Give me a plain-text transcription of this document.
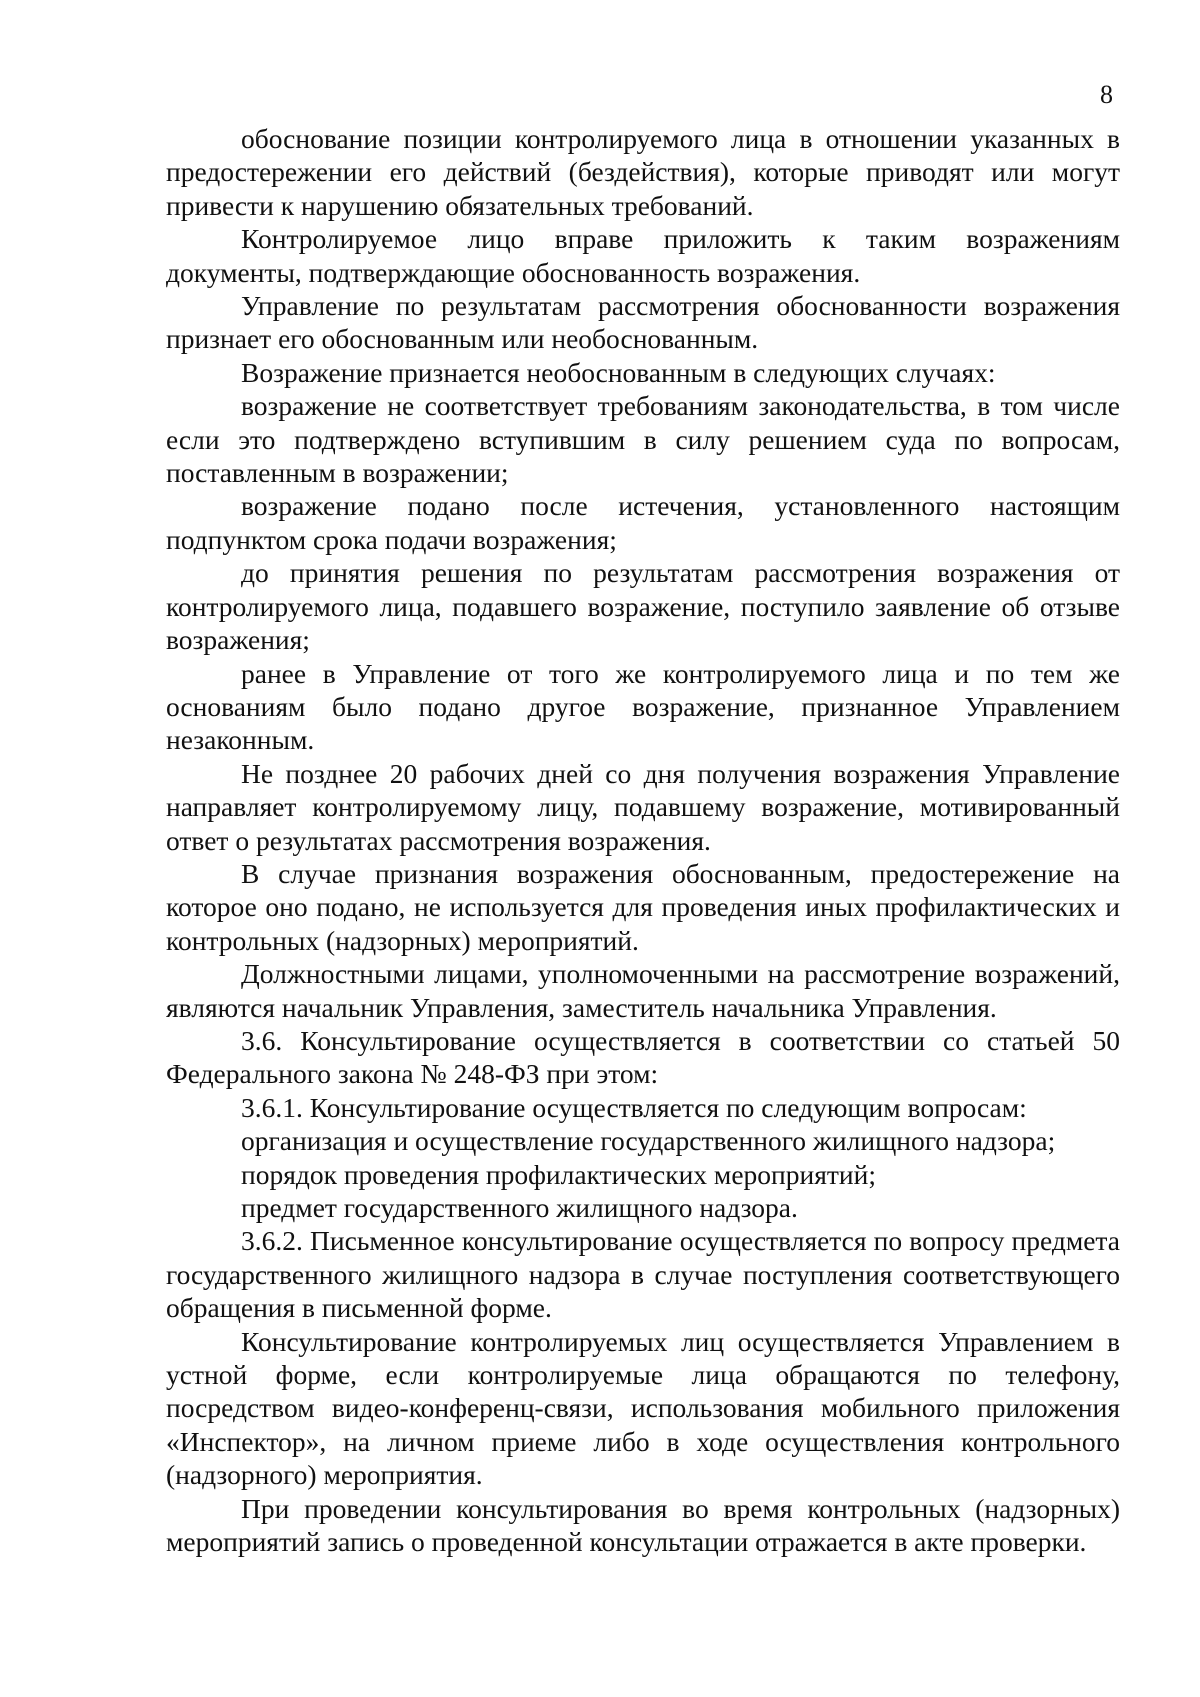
8

обоснование позиции контролируемого лица в отношении указанных в предостережении его действий (бездействия), которые приводят или могут привести к нарушению обязательных требований.

Контролируемое лицо вправе приложить к таким возражениям документы, подтверждающие обоснованность возражения.

Управление по результатам рассмотрения обоснованности возражения признает его обоснованным или необоснованным.

Возражение признается необоснованным в следующих случаях:

возражение не соответствует требованиям законодательства, в том числе если это подтверждено вступившим в силу решением суда по вопросам, поставленным в возражении;

возражение подано после истечения, установленного настоящим подпунктом срока подачи возражения;

до принятия решения по результатам рассмотрения возражения от контролируемого лица, подавшего возражение, поступило заявление об отзыве возражения;

ранее в Управление от того же контролируемого лица и по тем же основаниям было подано другое возражение, признанное Управлением незаконным.

Не позднее 20 рабочих дней со дня получения возражения Управление направляет контролируемому лицу, подавшему возражение, мотивированный ответ о результатах рассмотрения возражения.

В случае признания возражения обоснованным, предостережение на которое оно подано, не используется для проведения иных профилактических и контрольных (надзорных) мероприятий.

Должностными лицами, уполномоченными на рассмотрение возражений, являются начальник Управления, заместитель начальника Управления.

3.6. Консультирование осуществляется в соответствии со статьей 50 Федерального закона № 248-ФЗ при этом:

3.6.1. Консультирование осуществляется по следующим вопросам:

организация и осуществление государственного жилищного надзора;

порядок проведения профилактических мероприятий;

предмет государственного жилищного надзора.

3.6.2. Письменное консультирование осуществляется по вопросу предмета государственного жилищного надзора в случае поступления соответствующего обращения в письменной форме.

Консультирование контролируемых лиц осуществляется Управлением в устной форме, если контролируемые лица обращаются по телефону, посредством видео-конференц-связи, использования мобильного приложения «Инспектор», на личном приеме либо в ходе осуществления контрольного (надзорного) мероприятия.

При проведении консультирования во время контрольных (надзорных) мероприятий запись о проведенной консультации отражается в акте проверки.
